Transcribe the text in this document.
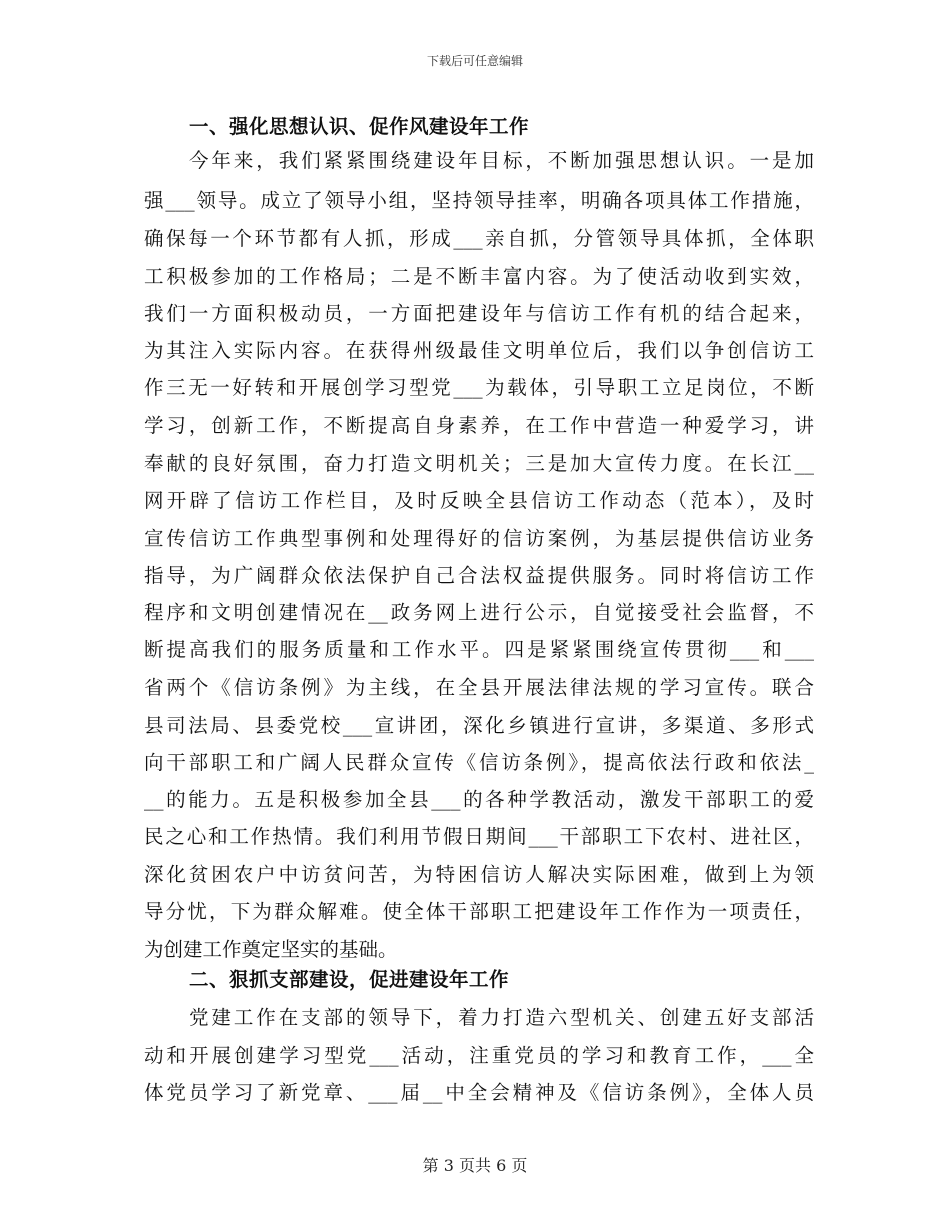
下载后可任意编辑
一、强化思想认识、促作风建设年工作
今年来，我们紧紧围绕建设年目标，不断加强思想认识。一是加
强___领导。成立了领导小组，坚持领导挂率，明确各项具体工作措施，
确保每一个环节都有人抓，形成___亲自抓，分管领导具体抓，全体职
工积极参加的工作格局；二是不断丰富内容。为了使活动收到实效，
我们一方面积极动员，一方面把建设年与信访工作有机的结合起来，
为其注入实际内容。在获得州级最佳文明单位后，我们以争创信访工
作三无一好转和开展创学习型党___为载体，引导职工立足岗位，不断
学习，创新工作，不断提高自身素养，在工作中营造一种爱学习，讲
奉献的良好氛围，奋力打造文明机关；三是加大宣传力度。在长江__
网开辟了信访工作栏目，及时反映全县信访工作动态（范本），及时
宣传信访工作典型事例和处理得好的信访案例，为基层提供信访业务
指导，为广阔群众依法保护自己合法权益提供服务。同时将信访工作
程序和文明创建情况在__政务网上进行公示，自觉接受社会监督，不
断提高我们的服务质量和工作水平。四是紧紧围绕宣传贯彻___和___
省两个《信访条例》为主线，在全县开展法律法规的学习宣传。联合
县司法局、县委党校___宣讲团，深化乡镇进行宣讲，多渠道、多形式
向干部职工和广阔人民群众宣传《信访条例》，提高依法行政和依法_
__的能力。五是积极参加全县___的各种学教活动，激发干部职工的爱
民之心和工作热情。我们利用节假日期间___干部职工下农村、进社区，
深化贫困农户中访贫问苦，为特困信访人解决实际困难，做到上为领
导分忧，下为群众解难。使全体干部职工把建设年工作作为一项责任，
为创建工作奠定坚实的基础。
二、狠抓支部建设，促进建设年工作
党建工作在支部的领导下，着力打造六型机关、创建五好支部活
动和开展创建学习型党___活动，注重党员的学习和教育工作，___全
体党员学习了新党章、___届__中全会精神及《信访条例》，全体人员
第 3 页共 6 页
